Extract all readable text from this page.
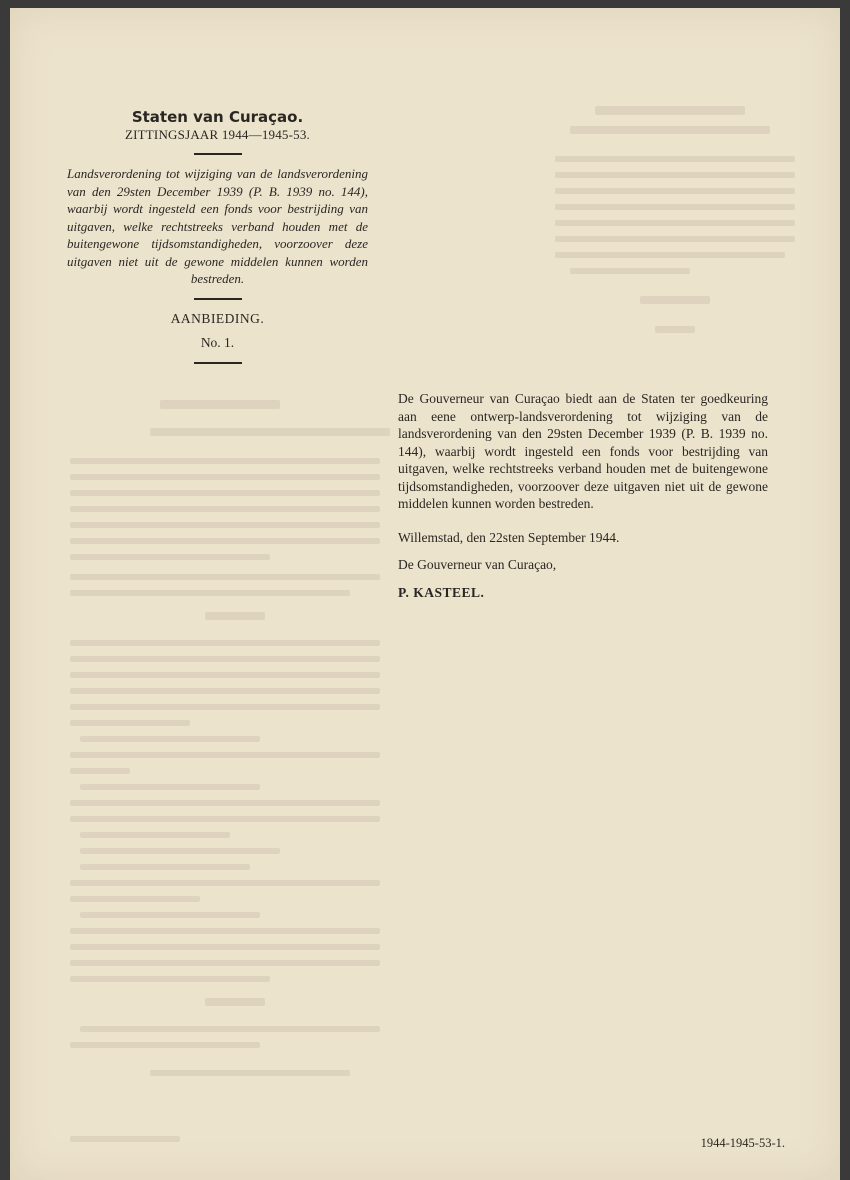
Staten van Curaçao.

ZITTINGSJAAR 1944—1945-53.

Landsverordening tot wijziging van de landsverordening van den 29sten December 1939 (P. B. 1939 no. 144), waarbij wordt ingesteld een fonds voor bestrijding van uitgaven, welke rechtstreeks verband houden met de buitengewone tijdsomstandigheden, voorzoover deze uitgaven niet uit de gewone middelen kunnen worden bestreden.

AANBIEDING.

No. 1.

De Gouverneur van Curaçao biedt aan de Staten ter goedkeuring aan eene ontwerp-landsverordening tot wijziging van de landsverordening van den 29sten December 1939 (P. B. 1939 no. 144), waarbij wordt ingesteld een fonds voor bestrijding van uitgaven, welke rechtstreeks verband houden met de buitengewone tijdsomstandigheden, voorzoover deze uitgaven niet uit de gewone middelen kunnen worden bestreden.

Willemstad, den 22sten September 1944.

De Gouverneur van Curaçao,

P. KASTEEL.

1944-1945-53-1.
